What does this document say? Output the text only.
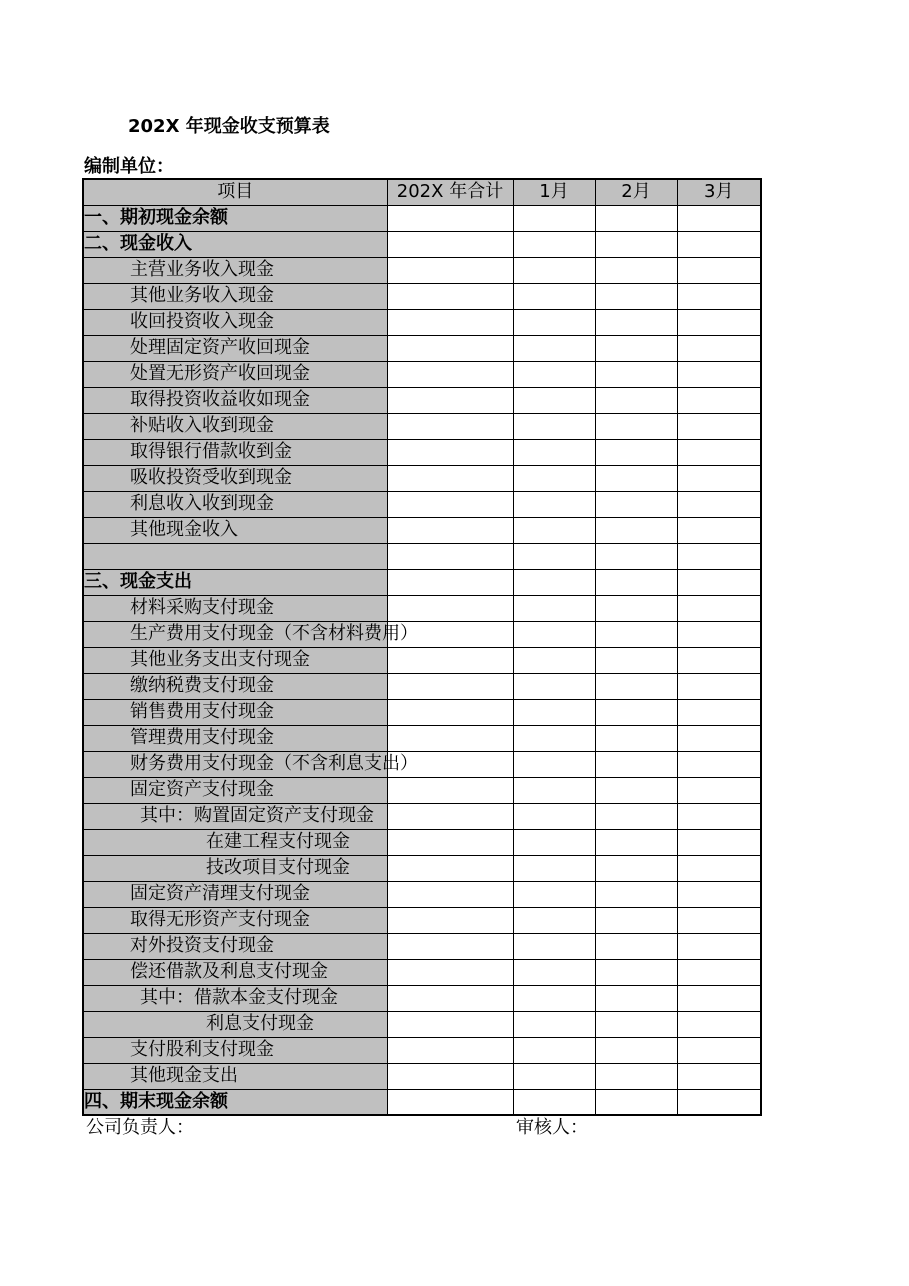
202X 年现金收支预算表
编制单位：
项目	202X 年合计	1月	2月	3月
一、期初现金余额				
二、现金收入				
主营业务收入现金				
其他业务收入现金				
收回投资收入现金				
处理固定资产收回现金				
处置无形资产收回现金				
取得投资收益收如现金				
补贴收入收到现金				
取得银行借款收到金				
吸收投资受收到现金				
利息收入收到现金				
其他现金收入				

三、现金支出				
材料采购支付现金				
生产费用支付现金（不含材料费用）				
其他业务支出支付现金				
缴纳税费支付现金				
销售费用支付现金				
管理费用支付现金				
财务费用支付现金（不含利息支出）				
固定资产支付现金				
其中：购置固定资产支付现金				
在建工程支付现金				
技改项目支付现金				
固定资产清理支付现金				
取得无形资产支付现金				
对外投资支付现金				
偿还借款及利息支付现金				
其中：借款本金支付现金				
利息支付现金				
支付股利支付现金				
其他现金支出				
四、期末现金余额				
公司负责人：	审核人：
